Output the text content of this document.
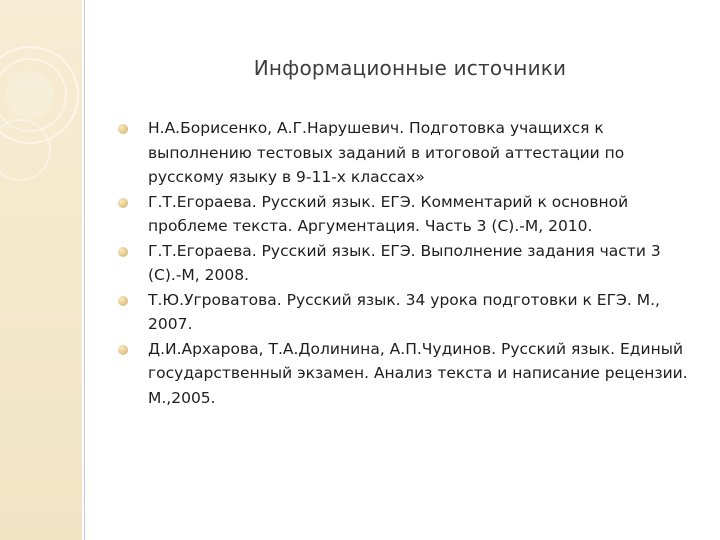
Информационные источники
Н.А.Борисенко, А.Г.Нарушевич. Подготовка учащихся к выполнению тестовых заданий в итоговой аттестации по русскому языку в 9-11-х классах»
Г.Т.Егораева. Русский язык. ЕГЭ. Комментарий к основной проблеме текста. Аргументация. Часть 3 (С).-М, 2010.
Г.Т.Егораева. Русский язык. ЕГЭ. Выполнение задания части 3 (С).-М, 2008.
Т.Ю.Угроватова. Русский язык. 34 урока подготовки к ЕГЭ. М., 2007.
Д.И.Архарова, Т.А.Долинина, А.П.Чудинов. Русский язык. Единый государственный экзамен. Анализ текста и написание рецензии. М.,2005.
